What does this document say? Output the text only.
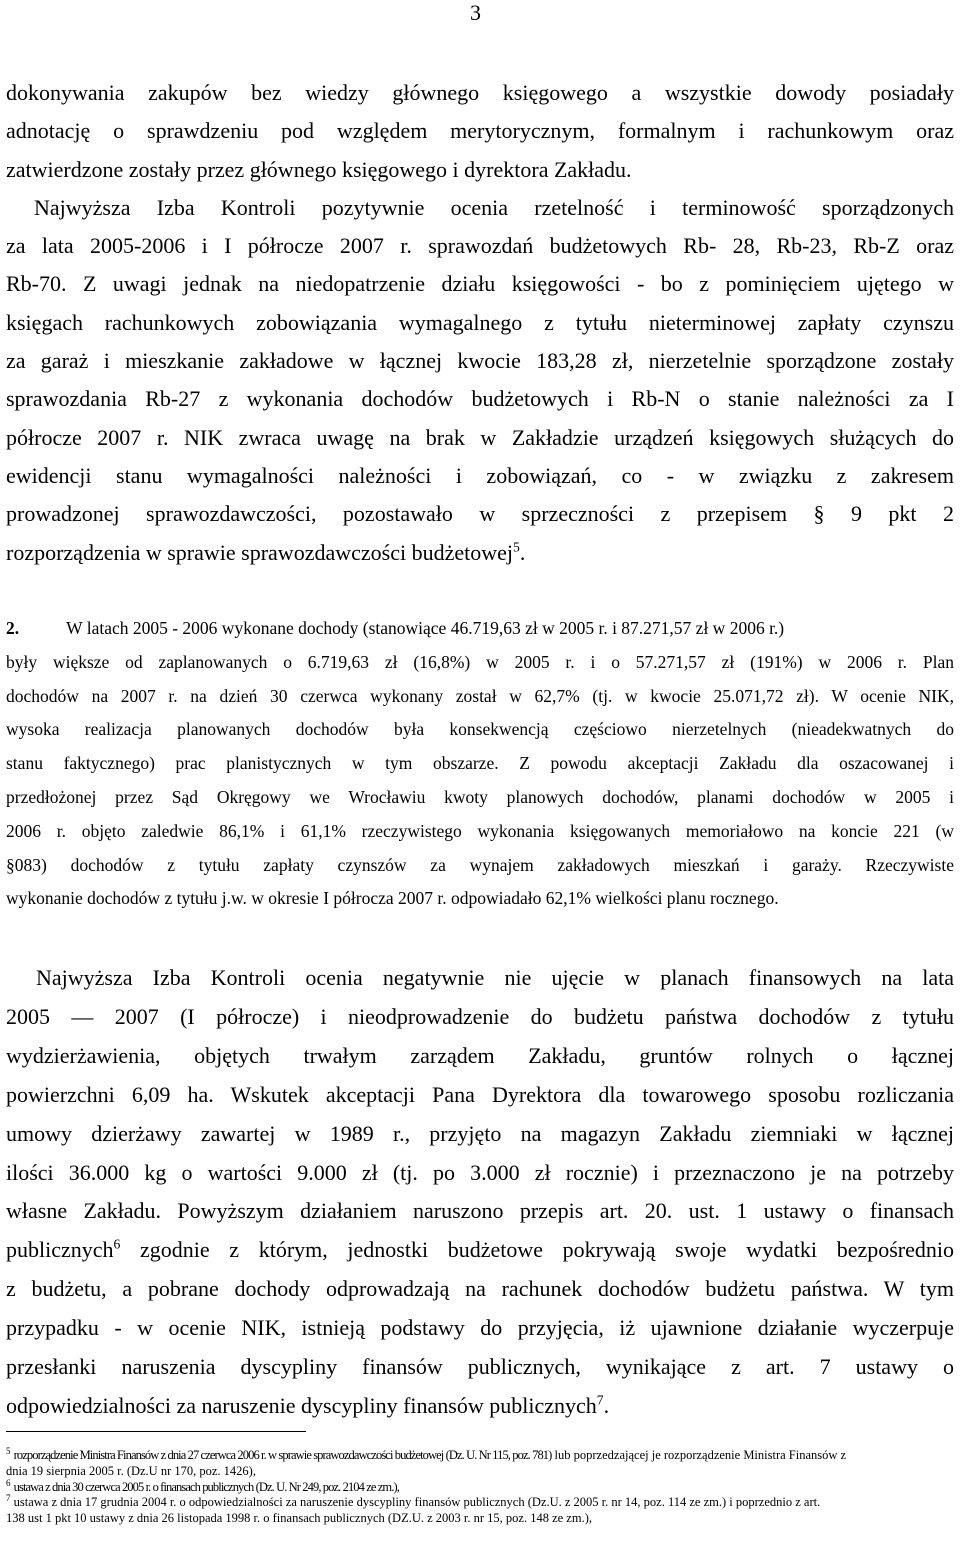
3

dokonywania zakupów bez wiedzy głównego księgowego a wszystkie dowody posiadały

adnotację o sprawdzeniu pod względem merytorycznym, formalnym i rachunkowym oraz

zatwierdzone zostały przez głównego księgowego i dyrektora Zakładu.

Najwyższa Izba Kontroli pozytywnie ocenia rzetelność i terminowość sporządzonych

za lata 2005-2006 i I półrocze 2007 r. sprawozdań budżetowych Rb- 28, Rb-23, Rb-Z oraz

Rb-70. Z uwagi jednak na niedopatrzenie działu księgowości - bo z pominięciem ujętego w

księgach rachunkowych zobowiązania wymagalnego z tytułu nieterminowej zapłaty czynszu

za garaż i mieszkanie zakładowe w łącznej kwocie 183,28 zł, nierzetelnie sporządzone zostały

sprawozdania Rb-27 z wykonania dochodów budżetowych i Rb-N o stanie należności za I

półrocze 2007 r. NIK zwraca uwagę na brak w Zakładzie urządzeń księgowych służących do

ewidencji stanu wymagalności należności i zobowiązań, co - w związku z zakresem

prowadzonej sprawozdawczości, pozostawało w sprzeczności z przepisem § 9 pkt 2

rozporządzenia w sprawie sprawozdawczości budżetowej$^5$.

2.	W latach 2005 - 2006 wykonane dochody (stanowiące 46.719,63 zł w 2005 r. i 87.271,57 zł w 2006 r.)

były większe od zaplanowanych o 6.719,63 zł (16,8%) w 2005 r. i o 57.271,57 zł (191%) w 2006 r. Plan

dochodów na 2007 r. na dzień 30 czerwca wykonany został w 62,7% (tj. w kwocie 25.071,72 zł). W ocenie NIK,

wysoka realizacja planowanych dochodów była konsekwencją częściowo nierzetelnych (nieadekwatnych do

stanu faktycznego) prac planistycznych w tym obszarze. Z powodu akceptacji Zakładu dla oszacowanej i

przedłożonej przez Sąd Okręgowy we Wrocławiu kwoty planowych dochodów, planami dochodów w 2005 i

2006 r. objęto zaledwie 86,1% i 61,1% rzeczywistego wykonania księgowanych memoriałowo na koncie 221 (w

§083) dochodów z tytułu zapłaty czynszów za wynajem zakładowych mieszkań i garaży. Rzeczywiste

wykonanie dochodów z tytułu j.w. w okresie I półrocza 2007 r. odpowiadało 62,1% wielkości planu rocznego.

Najwyższa Izba Kontroli ocenia negatywnie nie ujęcie w planach finansowych na lata

2005 — 2007 (I półrocze) i nieodprowadzenie do budżetu państwa dochodów z tytułu

wydzierżawienia, objętych trwałym zarządem Zakładu, gruntów rolnych o łącznej

powierzchni 6,09 ha. Wskutek akceptacji Pana Dyrektora dla towarowego sposobu rozliczania

umowy dzierżawy zawartej w 1989 r., przyjęto na magazyn Zakładu ziemniaki w łącznej

ilości 36.000 kg o wartości 9.000 zł (tj. po 3.000 zł rocznie) i przeznaczono je na potrzeby

własne Zakładu. Powyższym działaniem naruszono przepis art. 20. ust. 1 ustawy o finansach

publicznych$^6$ zgodnie z którym, jednostki budżetowe pokrywają swoje wydatki bezpośrednio

z budżetu, a pobrane dochody odprowadzają na rachunek dochodów budżetu państwa. W tym

przypadku - w ocenie NIK, istnieją podstawy do przyjęcia, iż ujawnione działanie wyczerpuje

przesłanki naruszenia dyscypliny finansów publicznych, wynikające z art. 7 ustawy o

odpowiedzialności za naruszenie dyscypliny finansów publicznych$^7$.

$^5$ rozporządzenie Ministra Finansów z dnia 27 czerwca 2006 r. w sprawie sprawozdawczości budżetowej (Dz. U. Nr 115, poz. 781) lub poprzedzającej je rozporządzenie Ministra Finansów z

dnia 19 sierpnia 2005 r. (Dz.U nr 170, poz. 1426),

$^6$ ustawa z dnia 30 czerwca 2005 r. o finansach publicznych (Dz. U. Nr 249, poz. 2104 ze zm.),

$^7$ ustawa z dnia 17 grudnia 2004 r. o odpowiedzialności za naruszenie dyscypliny finansów publicznych (Dz.U. z 2005 r. nr 14, poz. 114 ze zm.) i poprzednio z art.

138 ust 1 pkt 10 ustawy z dnia 26 listopada 1998 r. o finansach publicznych (DZ.U. z 2003 r. nr 15, poz. 148 ze zm.),
